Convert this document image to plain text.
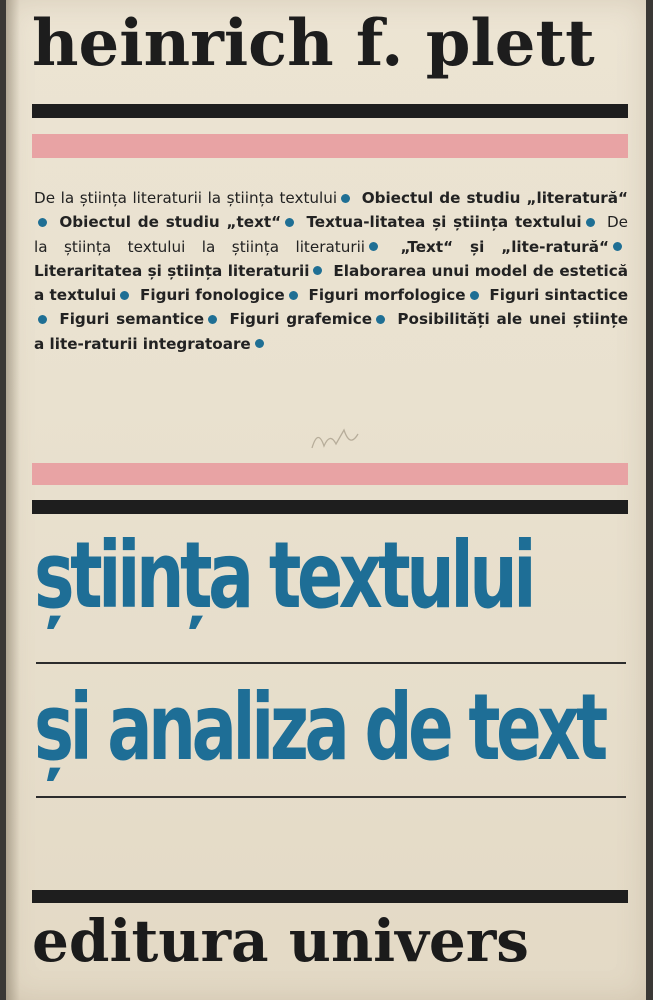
heinrich f. plett

De la știința literaturii la știința textului Obiectul de studiu „literatură“ Obiectul de studiu „text“ Textua-litatea și știința textului De la știința textului la știința literaturii „Text“ și „lite-ratură“ Literaritatea și știința literaturii Elaborarea unui model de estetică a textului Figuri fonologice Figuri morfologice Figuri sintactice Figuri semantice Figuri grafemice Posibilități ale unei științe a lite-raturii integratoare

știința textului
și analiza de text
editura univers
